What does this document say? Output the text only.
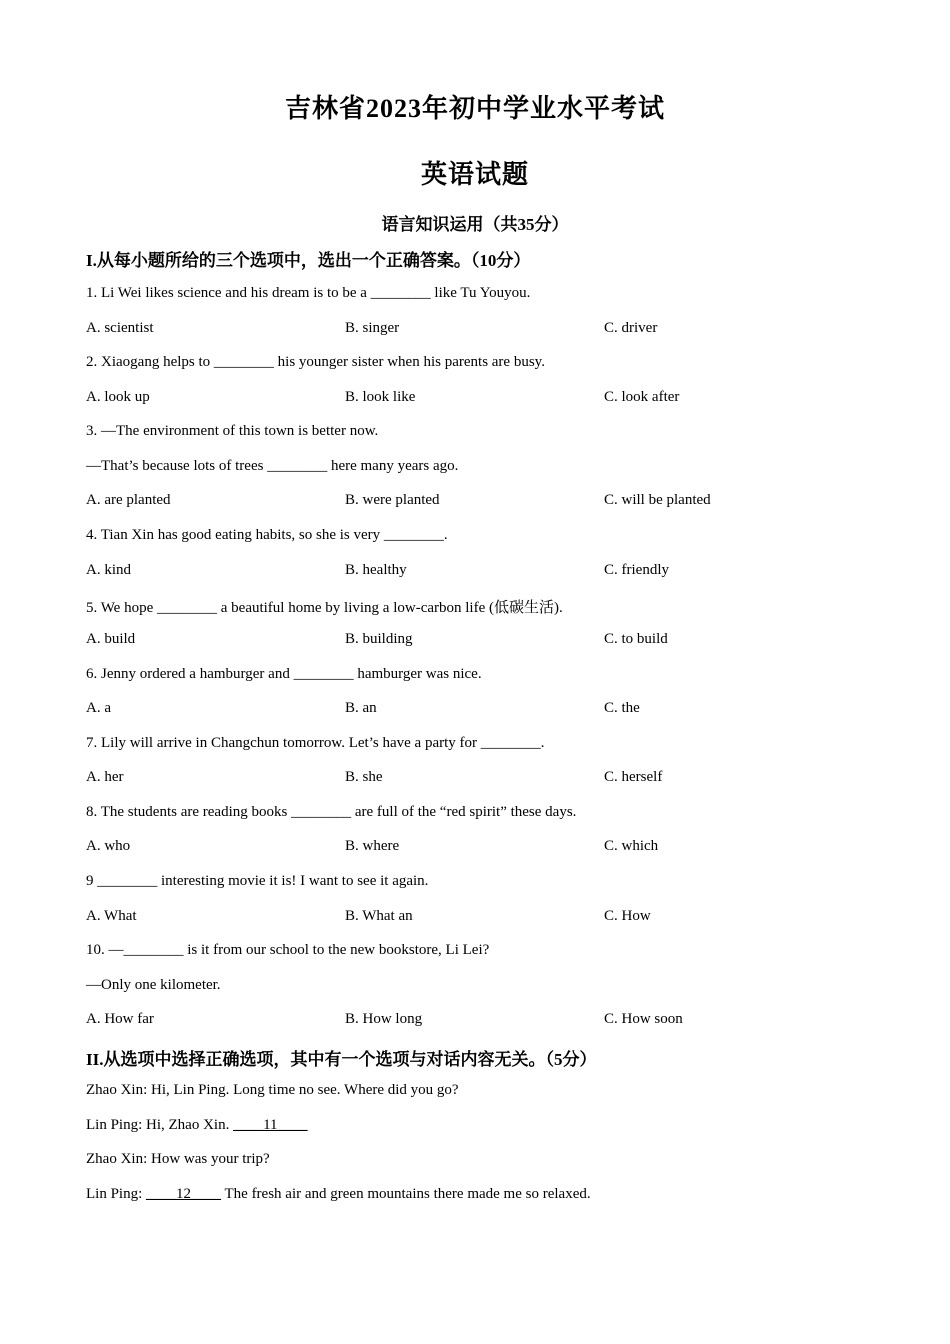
吉林省2023年初中学业水平考试
英语试题
语言知识运用（共35分）
I.从每小题所给的三个选项中，选出一个正确答案。（10分）
1. Li Wei likes science and his dream is to be a ________ like Tu Youyou.
A. scientist	B. singer	C. driver
2. Xiaogang helps to ________ his younger sister when his parents are busy.
A. look up	B. look like	C. look after
3. —The environment of this town is better now.
—That’s because lots of trees ________ here many years ago.
A. are planted	B. were planted	C. will be planted
4. Tian Xin has good eating habits, so she is very ________.
A. kind	B. healthy	C. friendly
5. We hope ________ a beautiful home by living a low-carbon life (低碳生活).
A. build	B. building	C. to build
6. Jenny ordered a hamburger and ________ hamburger was nice.
A. a	B. an	C. the
7. Lily will arrive in Changchun tomorrow. Let’s have a party for ________.
A. her	B. she	C. herself
8. The students are reading books ________ are full of the “red spirit” these days.
A. who	B. where	C. which
9 ________ interesting movie it is! I want to see it again.
A. What	B. What an	C. How
10. —________ is it from our school to the new bookstore, Li Lei?
—Only one kilometer.
A. How far	B. How long	C. How soon
II.从选项中选择正确选项，其中有一个选项与对话内容无关。（5分）
Zhao Xin: Hi, Lin Ping. Long time no see. Where did you go?
Lin Ping: Hi, Zhao Xin. ____11____
Zhao Xin: How was your trip?
Lin Ping: ____12____ The fresh air and green mountains there made me so relaxed.
